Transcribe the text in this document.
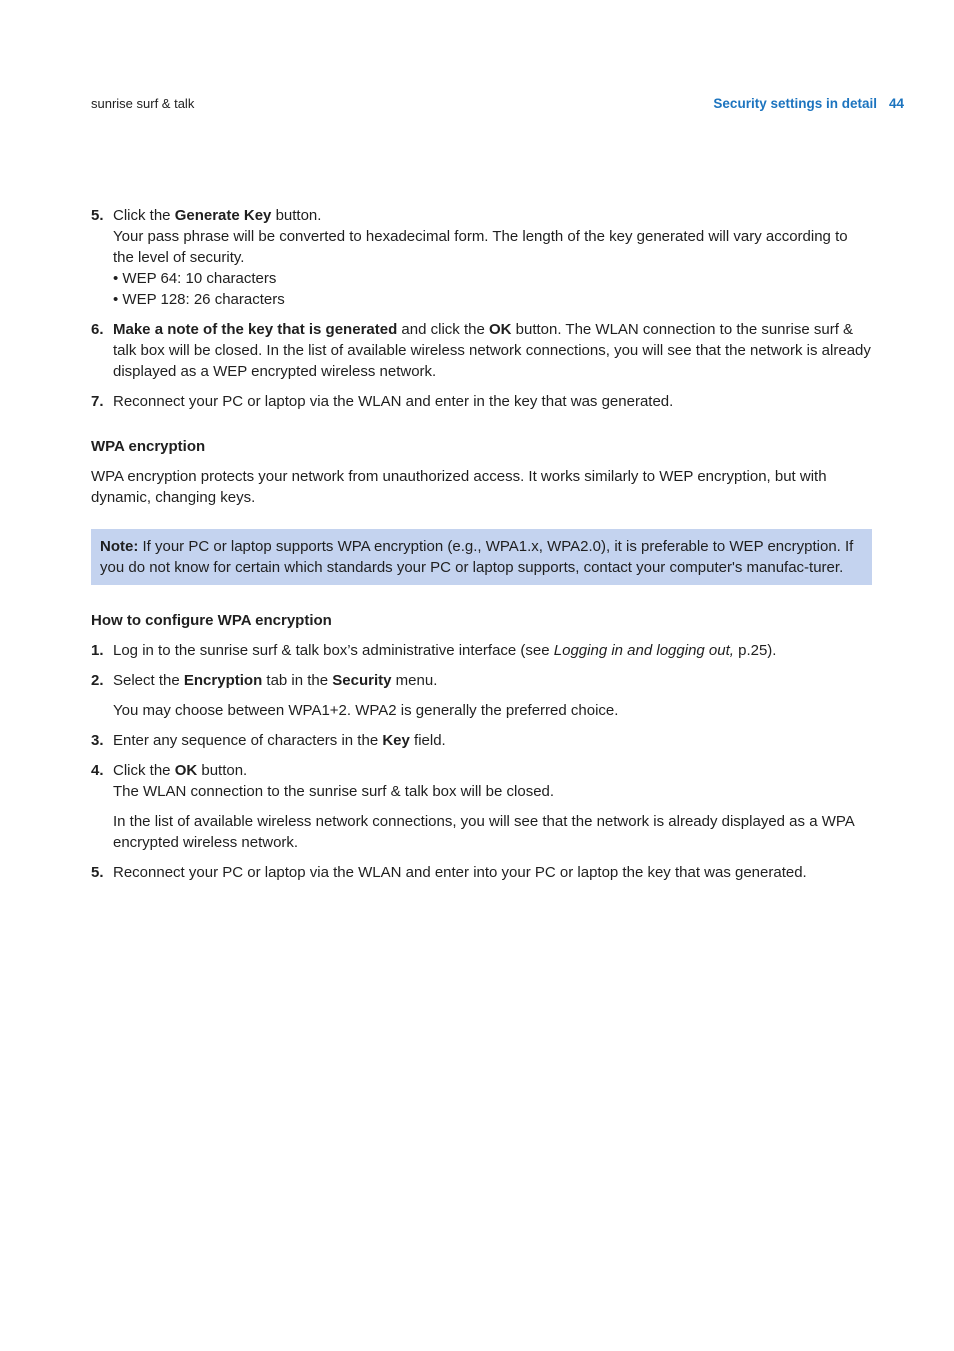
sunrise surf & talk	Security settings in detail 44
5. Click the Generate Key button.

Your pass phrase will be converted to hexadecimal form. The length of the key generated will vary according to the level of security.

• WEP 64: 10 characters

• WEP 128: 26 characters

6. Make a note of the key that is generated and click the OK button. The WLAN connection to the sunrise surf & talk box will be closed. In the list of available wireless network connections, you will see that the network is already displayed as a WEP encrypted wireless network.

7. Reconnect your PC or laptop via the WLAN and enter in the key that was generated.

WPA encryption

WPA encryption protects your network from unauthorized access. It works similarly to WEP encryption, but with dynamic, changing keys.

Note: If your PC or laptop supports WPA encryption (e.g., WPA1.x, WPA2.0), it is preferable to WEP encryption. If you do not know for certain which standards your PC or laptop supports, contact your computer's manufac-turer.
How to configure WPA encryption
1. Log in to the sunrise surf & talk box’s administrative interface (see Logging in and logging out, p.25).

2. Select the Encryption tab in the Security menu.

You may choose between WPA1+2. WPA2 is generally the preferred choice.

3. Enter any sequence of characters in the Key field.

4. Click the OK button.

The WLAN connection to the sunrise surf & talk box will be closed.

In the list of available wireless network connections, you will see that the network is already displayed as a WPA encrypted wireless network.

5. Reconnect your PC or laptop via the WLAN and enter into your PC or laptop the key that was generated.
